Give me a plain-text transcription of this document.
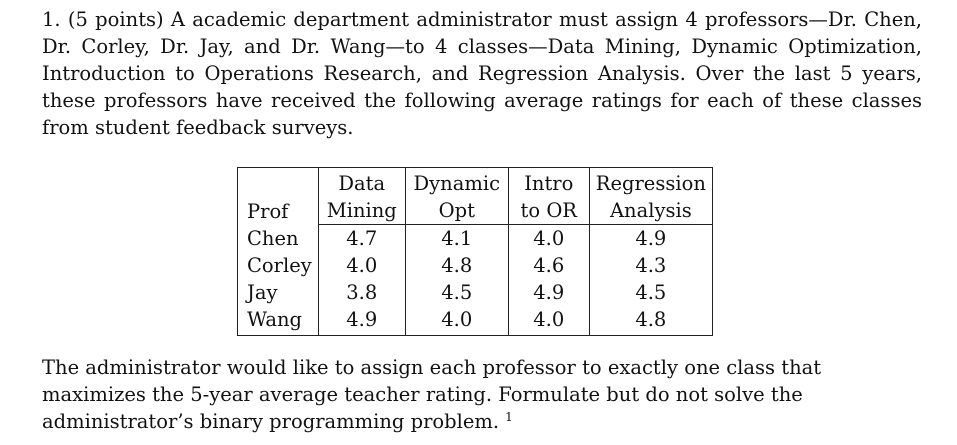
1. (5 points) A academic department administrator must assign 4 professors—Dr. Chen, Dr. Corley, Dr. Jay, and Dr. Wang—to 4 classes—Data Mining, Dynamic Optimization, Introduction to Operations Research, and Regression Analysis. Over the last 5 years, these professors have received the following average ratings for each of these classes from student feedback surveys.

Prof	Data	Dynamic	Intro	Regression
	Mining	Opt	to OR	Analysis
Chen	4.7	4.1	4.0	4.9
Corley	4.0	4.8	4.6	4.3
Jay	3.8	4.5	4.9	4.5
Wang	4.9	4.0	4.0	4.8

The administrator would like to assign each professor to exactly one class that maximizes the 5-year average teacher rating. Formulate but do not solve the administrator’s binary programming problem. $^1$
